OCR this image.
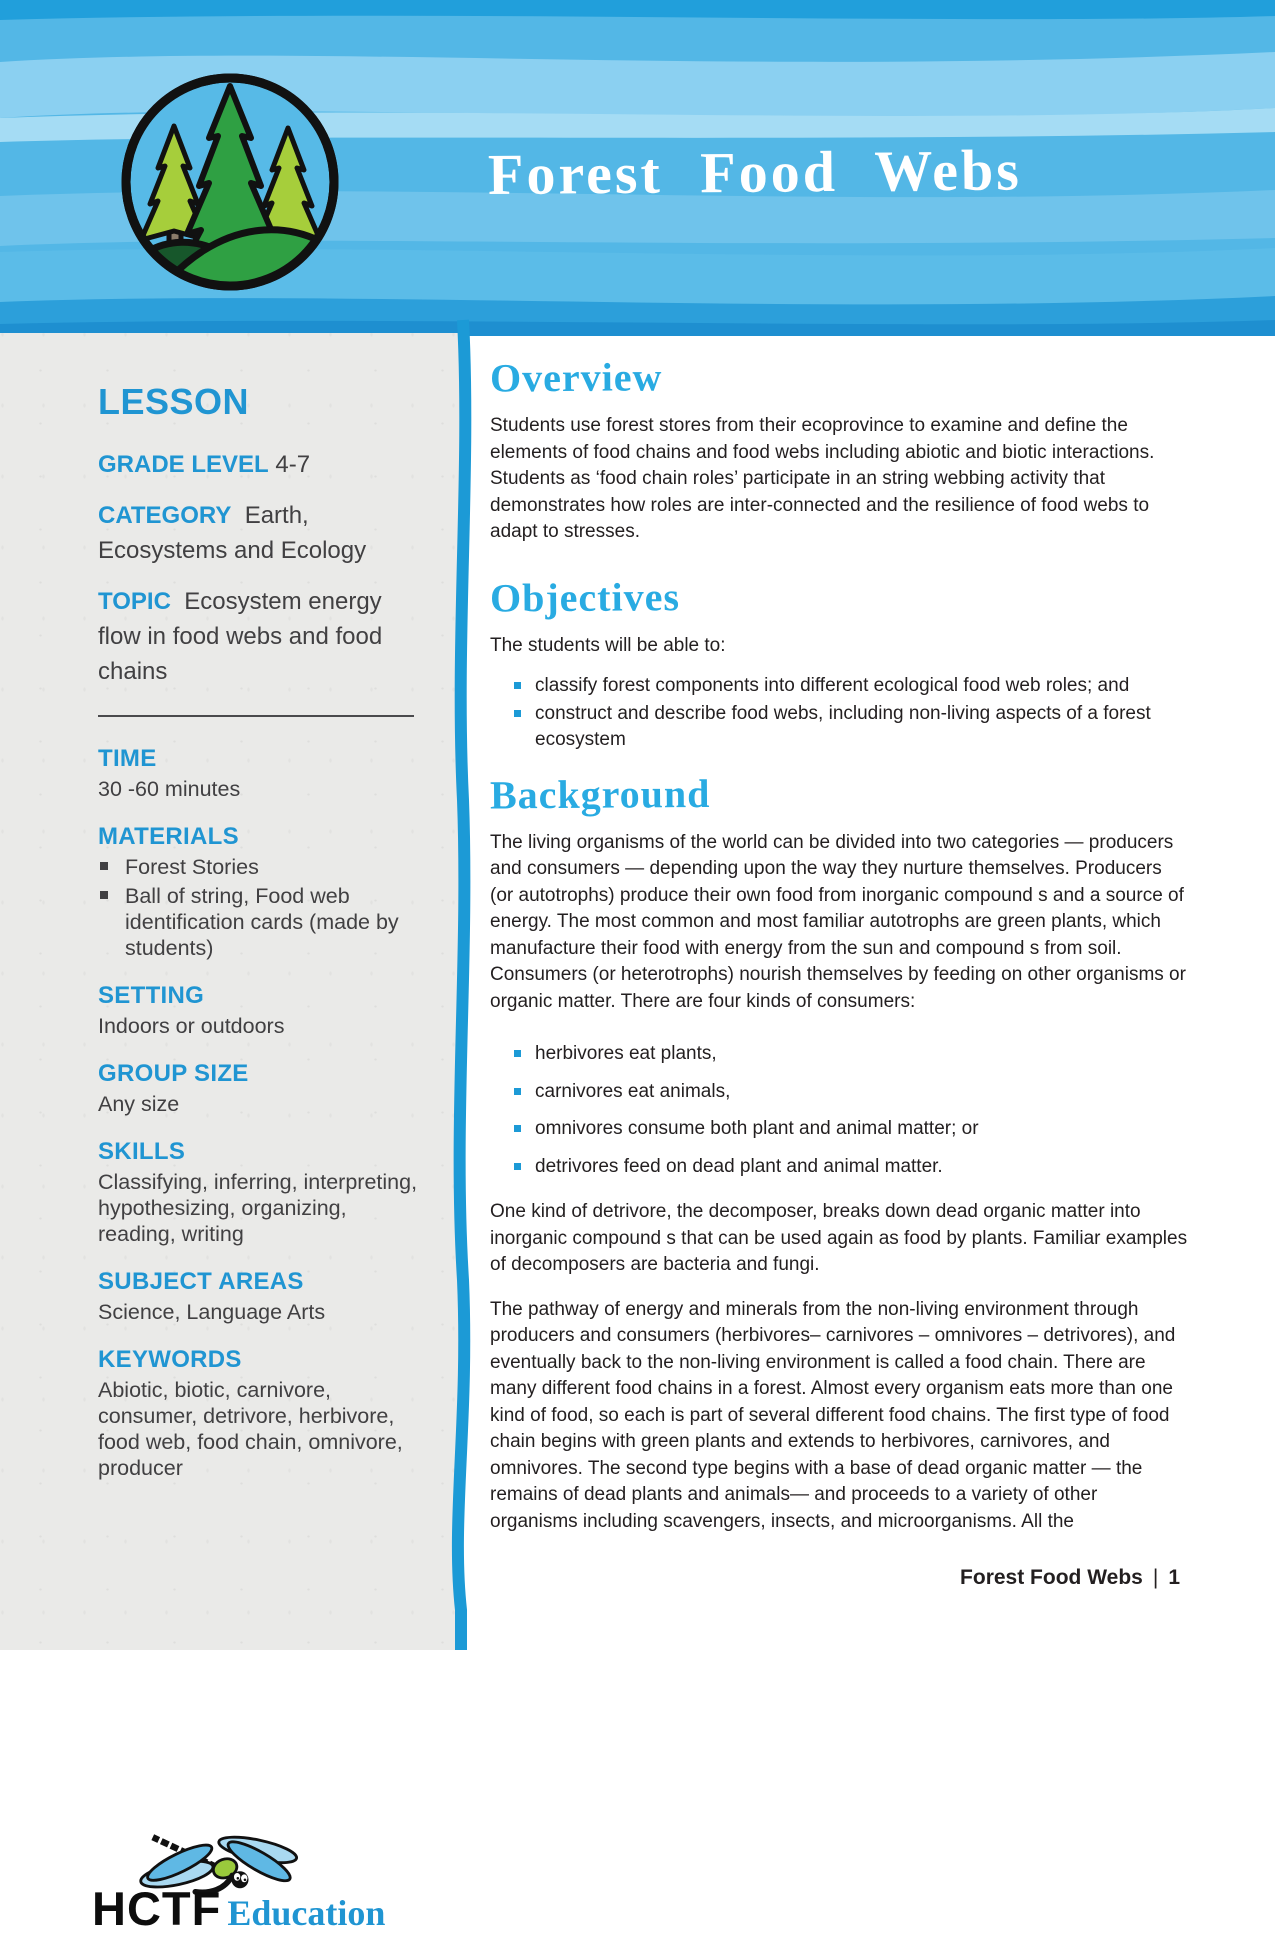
Forest Food Webs
LESSON
GRADE LEVEL 4-7
CATEGORY Earth, Ecosystems and Ecology
TOPIC Ecosystem energy flow in food webs and food chains
TIME
30 -60 minutes
MATERIALS
Forest Stories
Ball of string, Food web identification cards (made by students)
SETTING
Indoors or outdoors
GROUP SIZE
Any size
SKILLS
Classifying, inferring, interpreting, hypothesizing, organizing, reading, writing
SUBJECT AREAS
Science, Language Arts
KEYWORDS
Abiotic, biotic, carnivore, consumer, detrivore, herbivore, food web, food chain, omnivore, producer
HCTF Education
Overview

Students use forest stores from their ecoprovince to examine and define the elements of food chains and food webs including abiotic and biotic interactions. Students as ‘food chain roles’ participate in an string webbing activity that demonstrates how roles are inter-connected and the resilience of food webs to adapt to stresses.

Objectives

The students will be able to:

classify forest components into different ecological food web roles; and
construct and describe food webs, including non-living aspects of a forest ecosystem
Background

The living organisms of the world can be divided into two categories — producers and consumers — depending upon the way they nurture themselves. Producers (or autotrophs) produce their own food from inorganic compound s and a source of energy. The most common and most familiar autotrophs are green plants, which manufacture their food with energy from the sun and compound s from soil. Consumers (or heterotrophs) nourish themselves by feeding on other organisms or organic matter. There are four kinds of consumers:

herbivores eat plants,
carnivores eat animals,
omnivores consume both plant and animal matter; or
detrivores feed on dead plant and animal matter.

One kind of detrivore, the decomposer, breaks down dead organic matter into inorganic compound s that can be used again as food by plants. Familiar examples of decomposers are bacteria and fungi.

The pathway of energy and minerals from the non-living environment through producers and consumers (herbivores– carnivores – omnivores – detrivores), and eventually back to the non-living environment is called a food chain. There are many different food chains in a forest. Almost every organism eats more than one kind of food, so each is part of several different food chains. The first type of food chain begins with green plants and extends to herbivores, carnivores, and omnivores. The second type begins with a base of dead organic matter — the remains of dead plants and animals— and proceeds to a variety of other organisms including scavengers, insects, and microorganisms. All the

Forest Food Webs | 1
